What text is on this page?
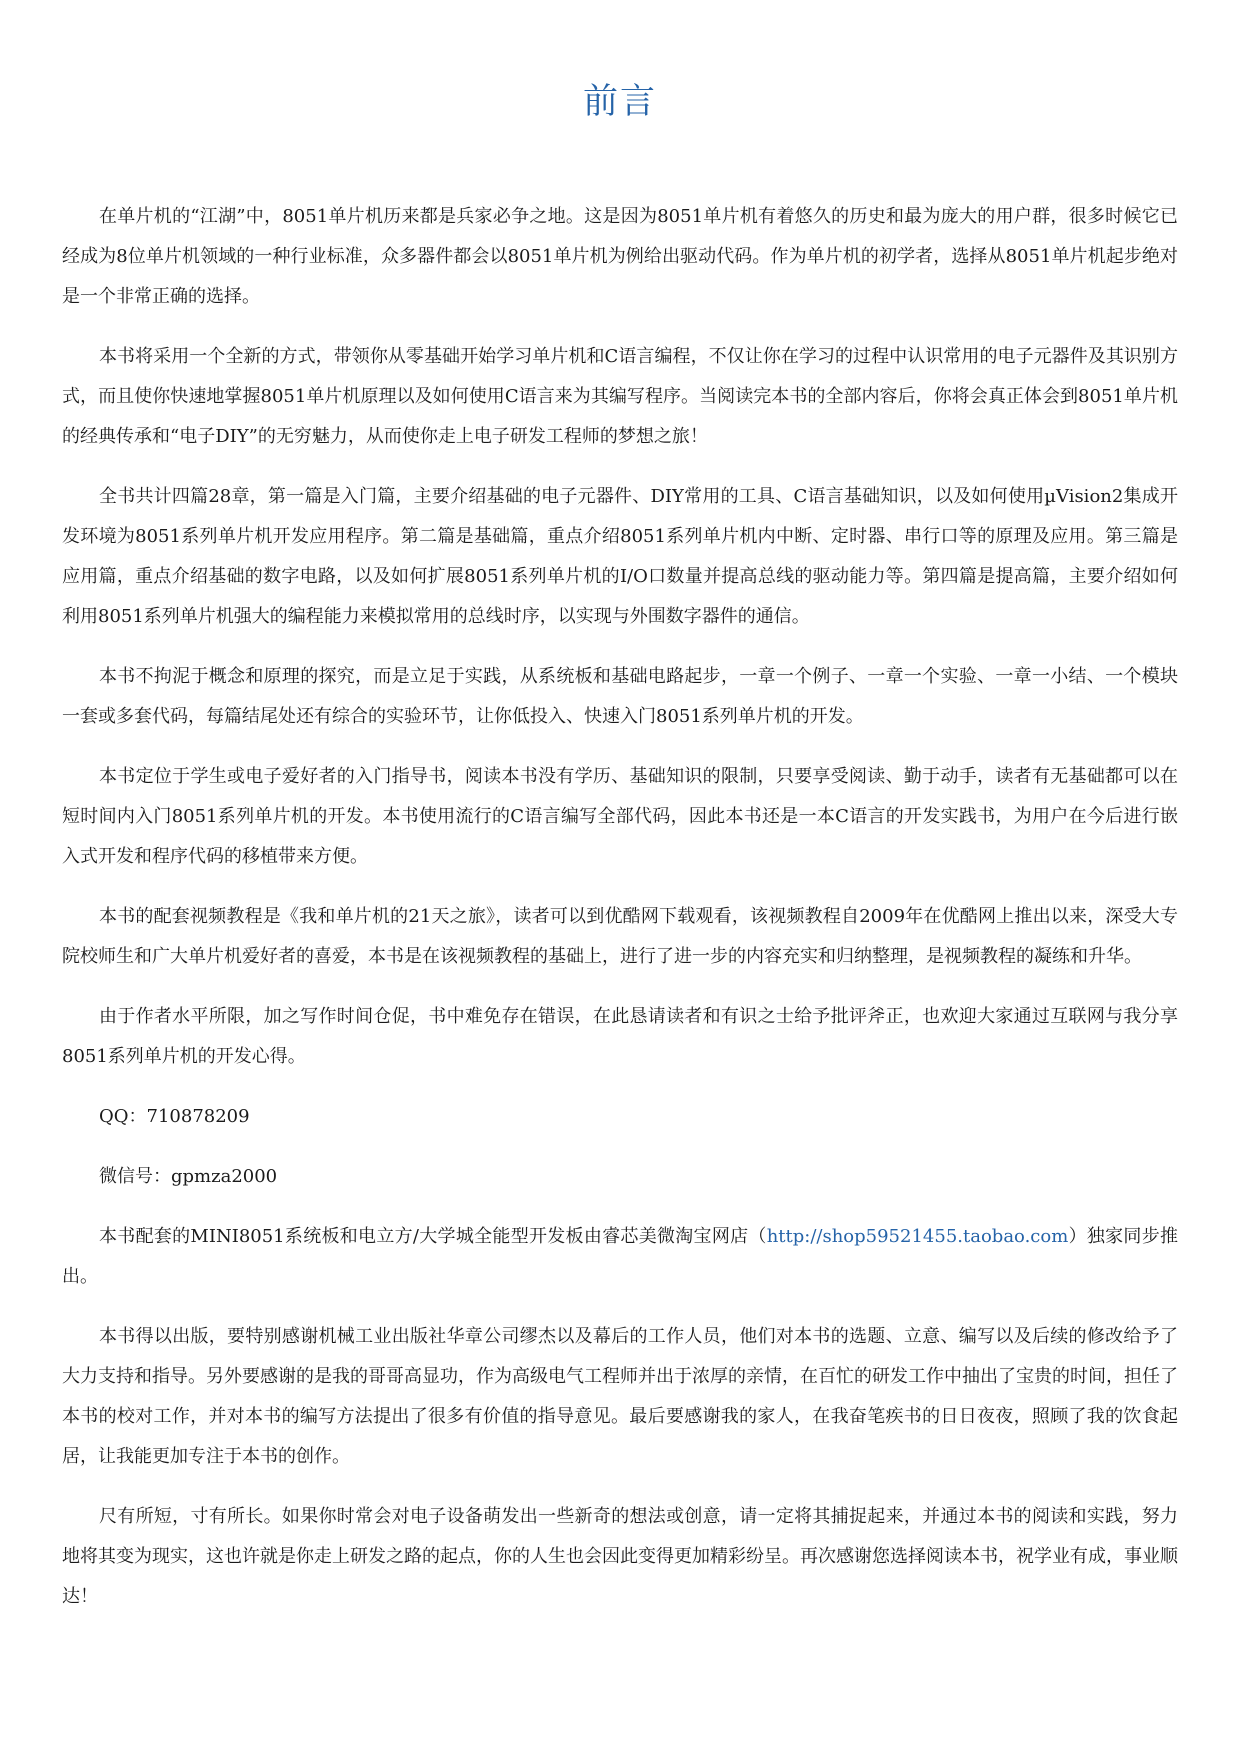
前言

在单片机的“江湖”中，8051单片机历来都是兵家必争之地。这是因为8051单片机有着悠久的历史和最为庞大的用户群，很多时候它已经成为8位单片机领域的一种行业标准，众多器件都会以8051单片机为例给出驱动代码。作为单片机的初学者，选择从8051单片机起步绝对是一个非常正确的选择。

本书将采用一个全新的方式，带领你从零基础开始学习单片机和C语言编程，不仅让你在学习的过程中认识常用的电子元器件及其识别方式，而且使你快速地掌握8051单片机原理以及如何使用C语言来为其编写程序。当阅读完本书的全部内容后，你将会真正体会到8051单片机的经典传承和“电子DIY”的无穷魅力，从而使你走上电子研发工程师的梦想之旅！

全书共计四篇28章，第一篇是入门篇，主要介绍基础的电子元器件、DIY常用的工具、C语言基础知识，以及如何使用µVision2集成开发环境为8051系列单片机开发应用程序。第二篇是基础篇，重点介绍8051系列单片机内中断、定时器、串行口等的原理及应用。第三篇是应用篇，重点介绍基础的数字电路，以及如何扩展8051系列单片机的I/O口数量并提高总线的驱动能力等。第四篇是提高篇，主要介绍如何利用8051系列单片机强大的编程能力来模拟常用的总线时序，以实现与外围数字器件的通信。

本书不拘泥于概念和原理的探究，而是立足于实践，从系统板和基础电路起步，一章一个例子、一章一个实验、一章一小结、一个模块一套或多套代码，每篇结尾处还有综合的实验环节，让你低投入、快速入门8051系列单片机的开发。

本书定位于学生或电子爱好者的入门指导书，阅读本书没有学历、基础知识的限制，只要享受阅读、勤于动手，读者有无基础都可以在短时间内入门8051系列单片机的开发。本书使用流行的C语言编写全部代码，因此本书还是一本C语言的开发实践书，为用户在今后进行嵌入式开发和程序代码的移植带来方便。

本书的配套视频教程是《我和单片机的21天之旅》，读者可以到优酷网下载观看，该视频教程自2009年在优酷网上推出以来，深受大专院校师生和广大单片机爱好者的喜爱，本书是在该视频教程的基础上，进行了进一步的内容充实和归纳整理，是视频教程的凝练和升华。

由于作者水平所限，加之写作时间仓促，书中难免存在错误，在此恳请读者和有识之士给予批评斧正，也欢迎大家通过互联网与我分享8051系列单片机的开发心得。

QQ：710878209

微信号：gpmza2000

本书配套的MINI8051系统板和电立方/大学城全能型开发板由睿芯美微淘宝网店（http://shop59521455.taobao.com）独家同步推出。

本书得以出版，要特别感谢机械工业出版社华章公司缪杰以及幕后的工作人员，他们对本书的选题、立意、编写以及后续的修改给予了大力支持和指导。另外要感谢的是我的哥哥高显功，作为高级电气工程师并出于浓厚的亲情，在百忙的研发工作中抽出了宝贵的时间，担任了本书的校对工作，并对本书的编写方法提出了很多有价值的指导意见。最后要感谢我的家人，在我奋笔疾书的日日夜夜，照顾了我的饮食起居，让我能更加专注于本书的创作。

尺有所短，寸有所长。如果你时常会对电子设备萌发出一些新奇的想法或创意，请一定将其捕捉起来，并通过本书的阅读和实践，努力地将其变为现实，这也许就是你走上研发之路的起点，你的人生也会因此变得更加精彩纷呈。再次感谢您选择阅读本书，祝学业有成，事业顺达！
